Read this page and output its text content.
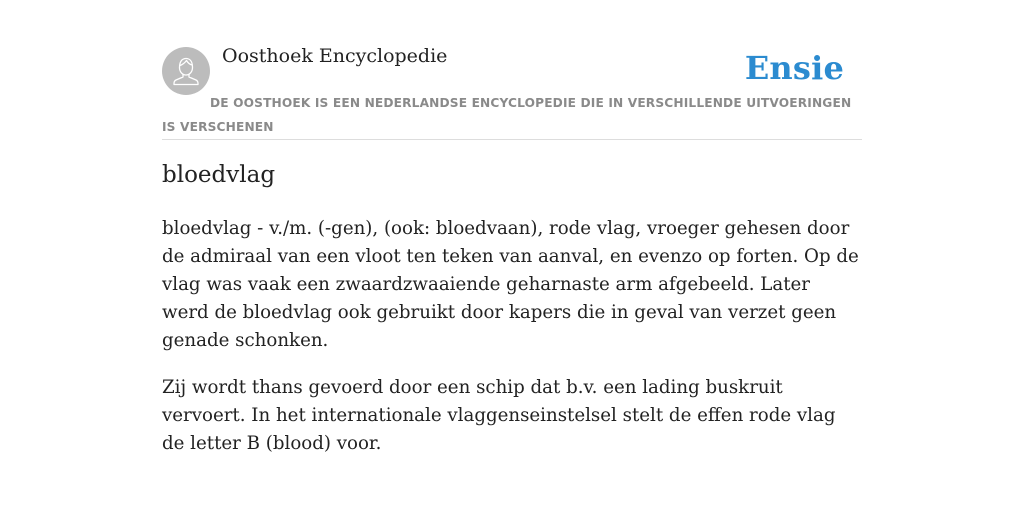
Oosthoek Encyclopedie	Ensie
DE OOSTHOEK IS EEN NEDERLANDSE ENCYCLOPEDIE DIE IN VERSCHILLENDE UITVOERINGEN IS VERSCHENEN
bloedvlag

bloedvlag - v./m. (-gen), (ook: bloedvaan), rode vlag, vroeger gehesen door de admiraal van een vloot ten teken van aanval, en evenzo op forten. Op de vlag was vaak een zwaardzwaaiende geharnaste arm afgebeeld. Later werd de bloedvlag ook gebruikt door kapers die in geval van verzet geen genade schonken.

Zij wordt thans gevoerd door een schip dat b.v. een lading buskruit vervoert. In het internationale vlaggenseinstelsel stelt de effen rode vlag de letter B (blood) voor.
